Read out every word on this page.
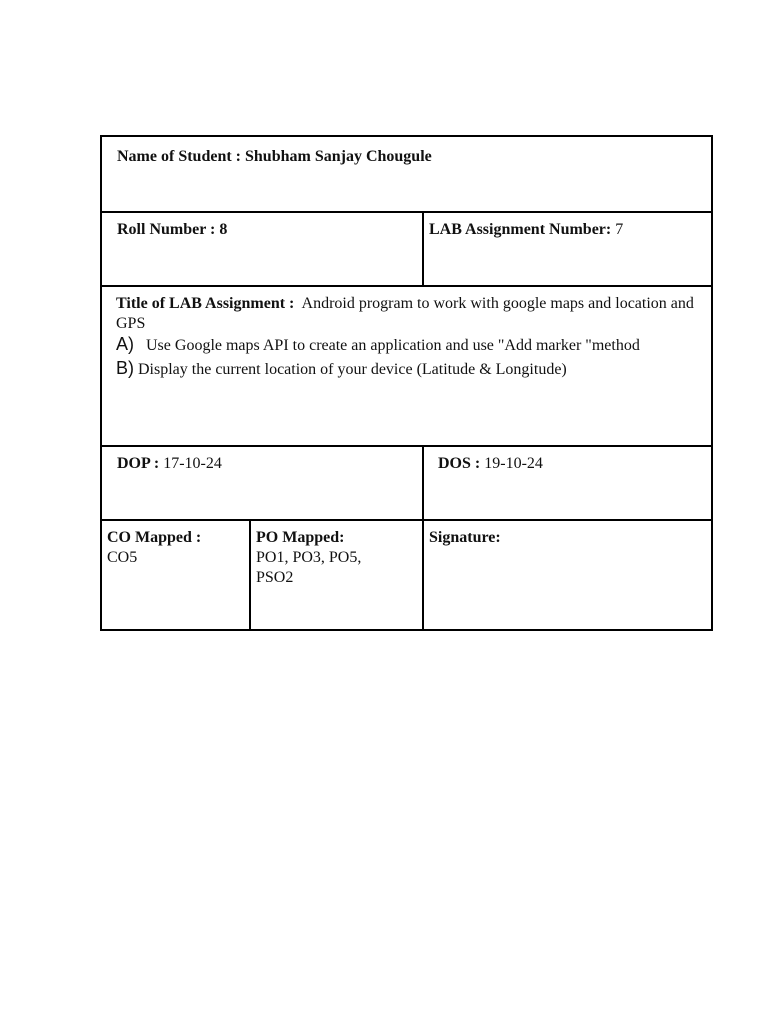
Name of Student : Shubham Sanjay Chougule
Roll Number : 8	LAB Assignment Number: 7
Title of LAB Assignment : Android program to work with google maps and location and
GPS
A) Use Google maps API to create an application and use "Add marker "method
B) Display the current location of your device (Latitude & Longitude)
DOP : 17-10-24	DOS : 19-10-24
CO Mapped :
CO5
PO Mapped:
PO1, PO3, PO5,
PSO2
Signature:
